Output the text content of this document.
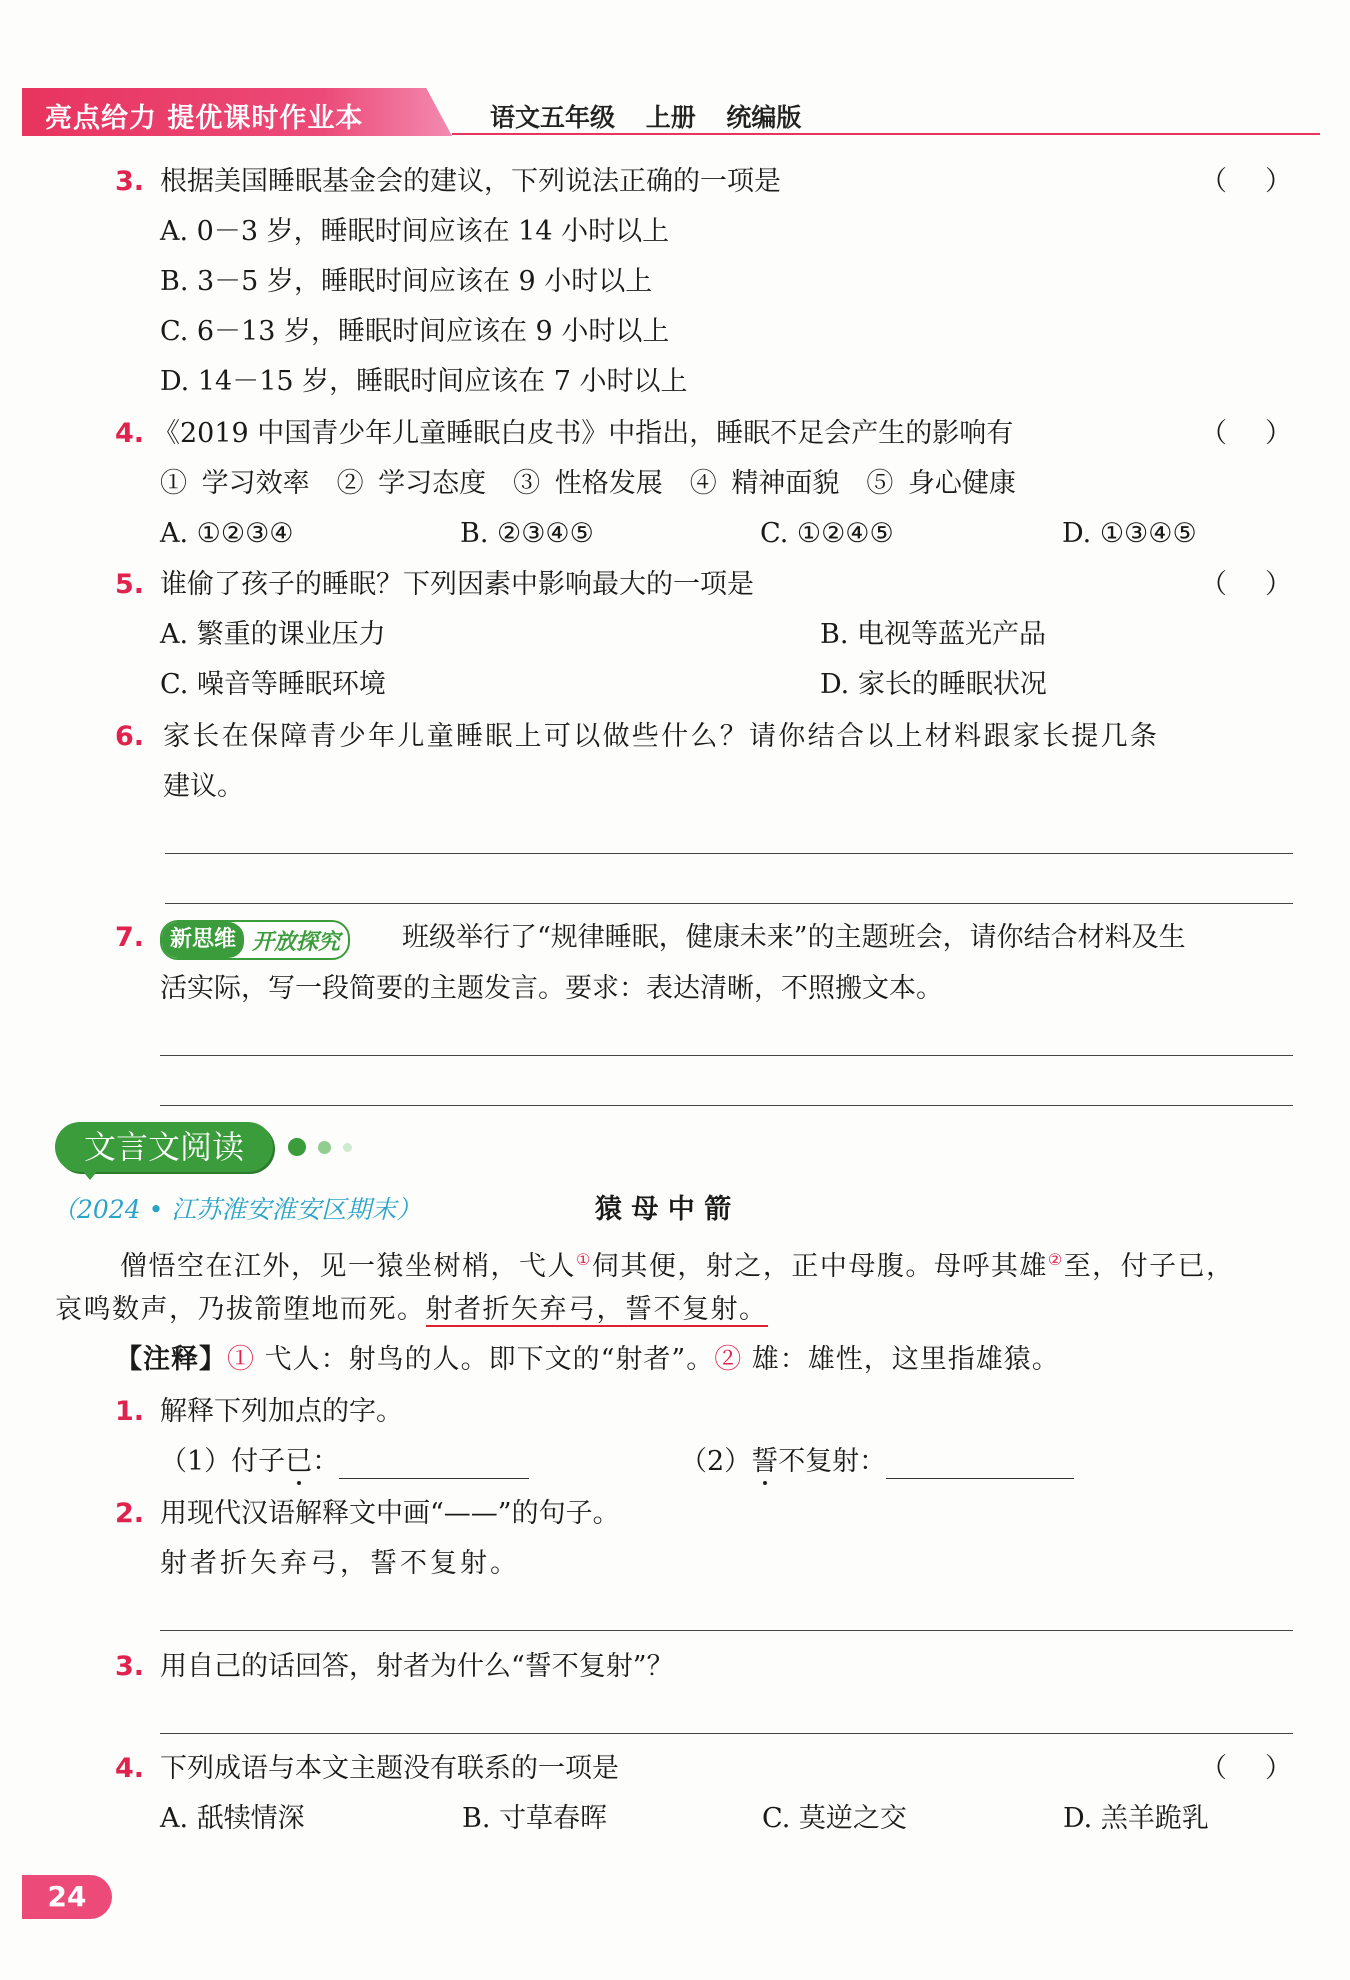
亮点给力 提优课时作业本	语文五年级 上册 统编版
3. 根据美国睡眠基金会的建议，下列说法正确的一项是	（ ）
A. 0－3 岁，睡眠时间应该在 14 小时以上
B. 3－5 岁，睡眠时间应该在 9 小时以上
C. 6－13 岁，睡眠时间应该在 9 小时以上
D. 14－15 岁，睡眠时间应该在 7 小时以上
4. 《2019 中国青少年儿童睡眠白皮书》中指出，睡眠不足会产生的影响有	（ ）
① 学习效率　② 学习态度　③ 性格发展　④ 精神面貌　⑤ 身心健康
A. ①②③④	B. ②③④⑤	C. ①②④⑤	D. ①③④⑤
5. 谁偷了孩子的睡眠？下列因素中影响最大的一项是	（ ）
A. 繁重的课业压力	B. 电视等蓝光产品
C. 噪音等睡眠环境	D. 家长的睡眠状况
6. 家长在保障青少年儿童睡眠上可以做些什么？请你结合以上材料跟家长提几条
建议。
7.	新思维 开放探究 班级举行了“规律睡眠，健康未来”的主题班会，请你结合材料及生
活实际，写一段简要的主题发言。要求：表达清晰，不照搬文本。
文言文阅读
（2024 • 江苏淮安淮安区期末）	猿 母 中 箭
僧悟空在江外，见一猿坐树梢，弋人①伺其便，射之，正中母腹。母呼其雄②至，付子已，
哀鸣数声，乃拔箭堕地而死。射者折矢弃弓，誓不复射。
【注释】① 弋人：射鸟的人。即下文的“射者”。② 雄：雄性，这里指雄猿。
1. 解释下列加点的字。
（1）付子已：	（2）誓不复射：
2. 用现代汉语解释文中画“——”的句子。
射者折矢弃弓，誓不复射。
3. 用自己的话回答，射者为什么“誓不复射”？
4. 下列成语与本文主题没有联系的一项是	（ ）
A. 舐犊情深	B. 寸草春晖	C. 莫逆之交	D. 羔羊跪乳
24
